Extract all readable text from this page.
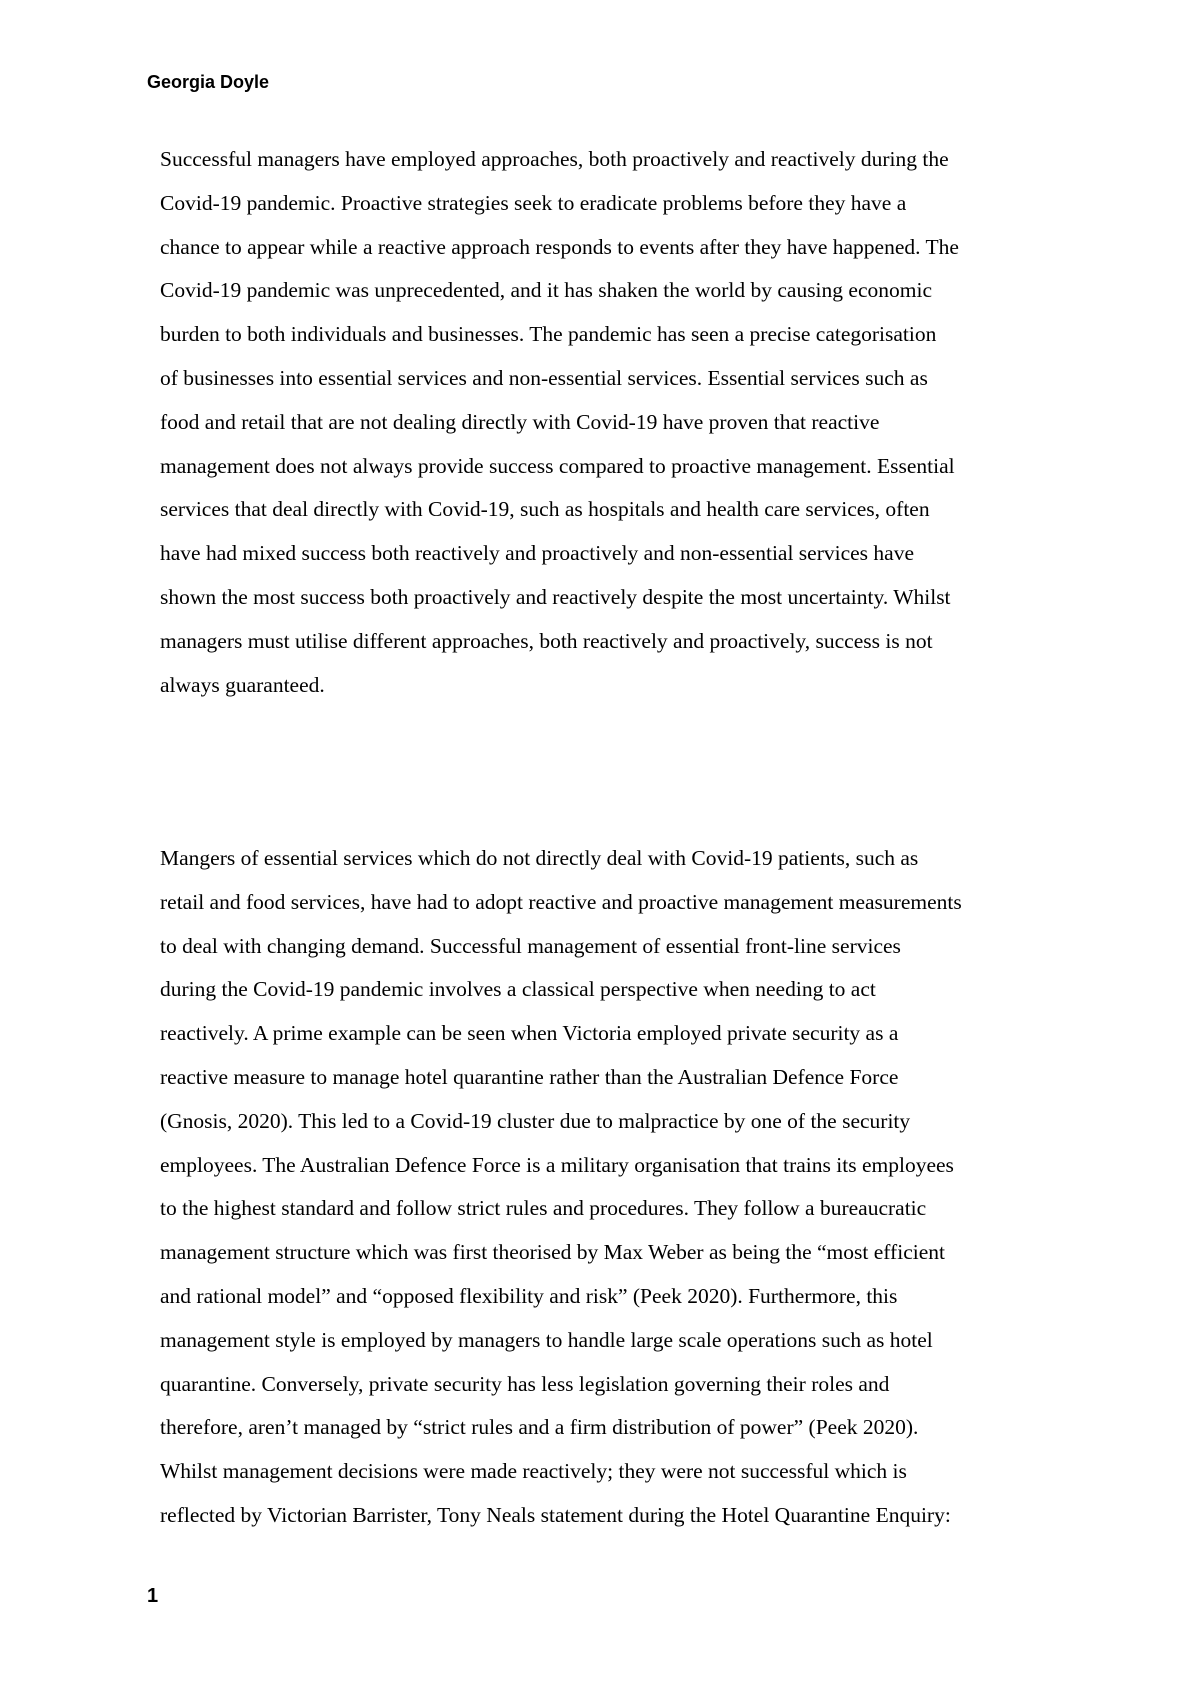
Georgia Doyle

Successful managers have employed approaches, both proactively and reactively during the
Covid-19 pandemic. Proactive strategies seek to eradicate problems before they have a
chance to appear while a reactive approach responds to events after they have happened. The
Covid-19 pandemic was unprecedented, and it has shaken the world by causing economic
burden to both individuals and businesses. The pandemic has seen a precise categorisation
of businesses into essential services and non-essential services. Essential services such as
food and retail that are not dealing directly with Covid-19 have proven that reactive
management does not always provide success compared to proactive management. Essential
services that deal directly with Covid-19, such as hospitals and health care services, often
have had mixed success both reactively and proactively and non-essential services have
shown the most success both proactively and reactively despite the most uncertainty. Whilst
managers must utilise different approaches, both reactively and proactively, success is not
always guaranteed.

Mangers of essential services which do not directly deal with Covid-19 patients, such as
retail and food services, have had to adopt reactive and proactive management measurements
to deal with changing demand. Successful management of essential front-line services
during the Covid-19 pandemic involves a classical perspective when needing to act
reactively. A prime example can be seen when Victoria employed private security as a
reactive measure to manage hotel quarantine rather than the Australian Defence Force
(Gnosis, 2020). This led to a Covid-19 cluster due to malpractice by one of the security
employees. The Australian Defence Force is a military organisation that trains its employees
to the highest standard and follow strict rules and procedures. They follow a bureaucratic
management structure which was first theorised by Max Weber as being the “most efficient
and rational model” and “opposed flexibility and risk” (Peek 2020). Furthermore, this
management style is employed by managers to handle large scale operations such as hotel
quarantine. Conversely, private security has less legislation governing their roles and
therefore, aren’t managed by “strict rules and a firm distribution of power” (Peek 2020).
Whilst management decisions were made reactively; they were not successful which is
reflected by Victorian Barrister, Tony Neals statement during the Hotel Quarantine Enquiry:

1
